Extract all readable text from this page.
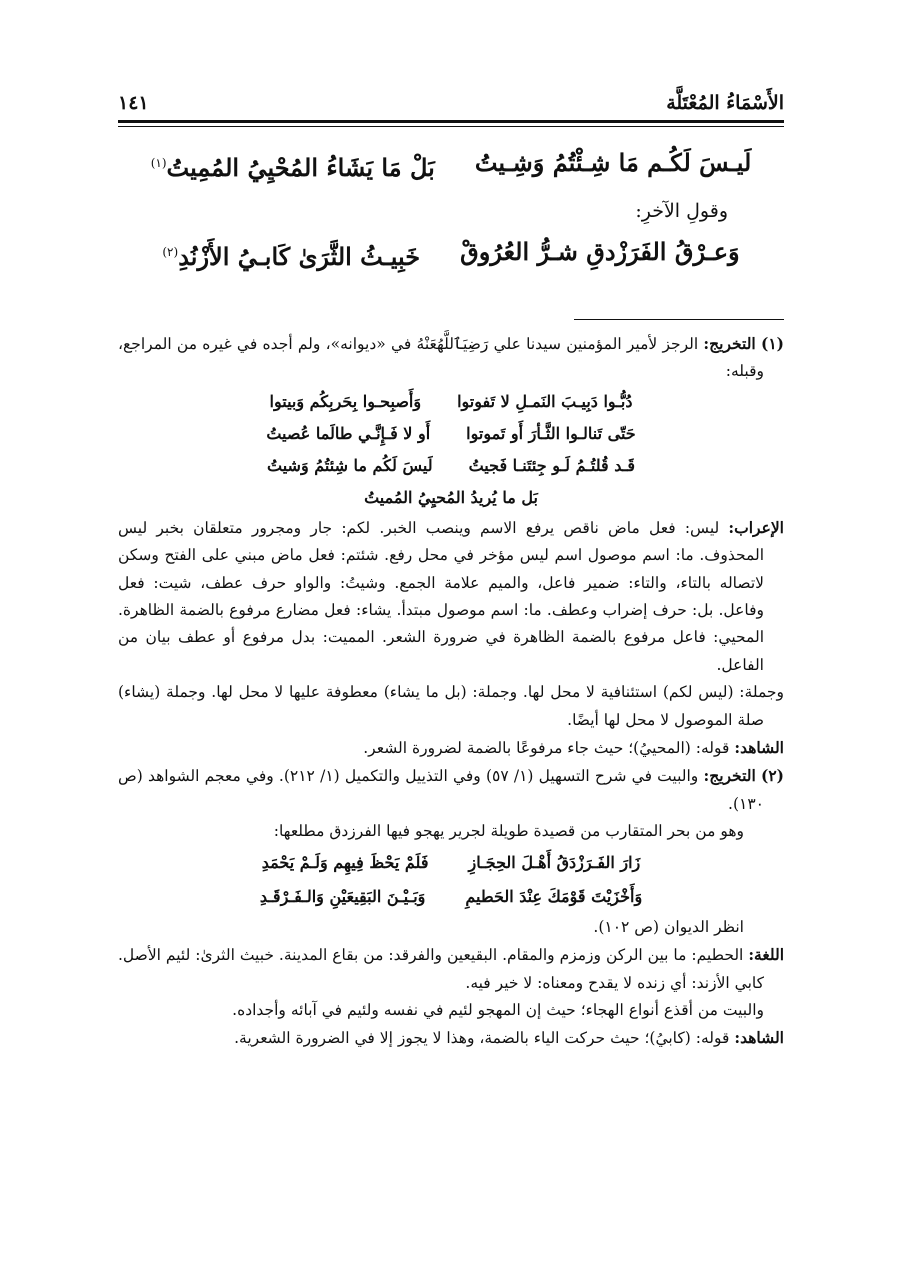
الأَسْمَاءُ المُعْتَلَّة
١٤١
لَيـسَ لَكُـم مَا شِـئْتُمُ وَشِـيتُ
بَلْ مَا يَشَاءُ المُحْيِيُ المُمِيتُ$^{(١)}$
وقولِ الآخرِ:
وَعـرْقُ الفَرَزْدقِ شـرُّ العُرُوقْ
خَبِيـثُ الثَّرَىٰ كَابـيُ الأَزْنُدِ$^{(٢)}$
(١) التخريج: الرجز لأمير المؤمنين سيدنا علي رَضِيَٱللَّهُعَنْهُ في «ديوانه»، ولم أجده في غيره من المراجع، وقبله:
دُبُّـوا دَبِيـبَ النَمـلِ لا تَفوتوا
وَأَصبِحـوا بِحَربِكُم وَبيتوا
حَتّى تَنالـوا الثَّـأرَ أَو تَموتوا
أَو لا فَـإِنَّـي طالَما عُصيتُ
قَـد قُلتُـمُ لَـو جِئتَنـا فَجيتُ
لَيسَ لَكُم ما شِئتُمُ وَشيتُ
بَل ما يُريدُ المُحيِيُ المُميتُ
الإعراب: ليس: فعل ماض ناقص يرفع الاسم وينصب الخبر. لكم: جار ومجرور متعلقان بخبر ليس المحذوف. ما: اسم موصول اسم ليس مؤخر في محل رفع. شئتم: فعل ماض مبني على الفتح وسكن لاتصاله بالتاء، والتاء: ضمير فاعل، والميم علامة الجمع. وشيتُ: والواو حرف عطف، شيت: فعل وفاعل. بل: حرف إضراب وعطف. ما: اسم موصول مبتدأ. يشاء: فعل مضارع مرفوع بالضمة الظاهرة. المحيي: فاعل مرفوع بالضمة الظاهرة في ضرورة الشعر. المميت: بدل مرفوع أو عطف بيان من الفاعل.
وجملة: (ليس لكم) استئنافية لا محل لها. وجملة: (بل ما يشاء) معطوفة عليها لا محل لها. وجملة (يشاء) صلة الموصول لا محل لها أيضًا.
الشاهد: قوله: (المحييُ)؛ حيث جاء مرفوعًا بالضمة لضرورة الشعر.
(٢) التخريج: والبيت في شرح التسهيل (١/ ٥٧) وفي التذييل والتكميل (١/ ٢١٢). وفي معجم الشواهد (ص ١٣٠).
وهو من بحر المتقارب من قصيدة طويلة لجرير يهجو فيها الفرزدق مطلعها:
زَارَ الفَـرَزْدَقُ أَهْـلَ الحِجَـازِ
فَلَمْ يَحْظَ فِيهِم وَلَـمْ يَحْمَدِ
وَأَخْزَيْتَ قَوْمَكَ عِنْدَ الحَطيمِ
وَبَـيْـنَ البَقِيعَيْنِ وَالـفَـرْقَـدِ
انظر الديوان (ص ١٠٢).
اللغة: الحطيم: ما بين الركن وزمزم والمقام. البقيعين والفرقد: من بقاع المدينة. خبيث الثرىٰ: لئيم الأصل. كابي الأزند: أي زنده لا يقدح ومعناه: لا خير فيه.
والبيت من أقذع أنواع الهجاء؛ حيث إن المهجو لئيم في نفسه ولئيم في آبائه وأجداده.
الشاهد: قوله: (كابيُ)؛ حيث حركت الياء بالضمة، وهذا لا يجوز إلا في الضرورة الشعرية.
